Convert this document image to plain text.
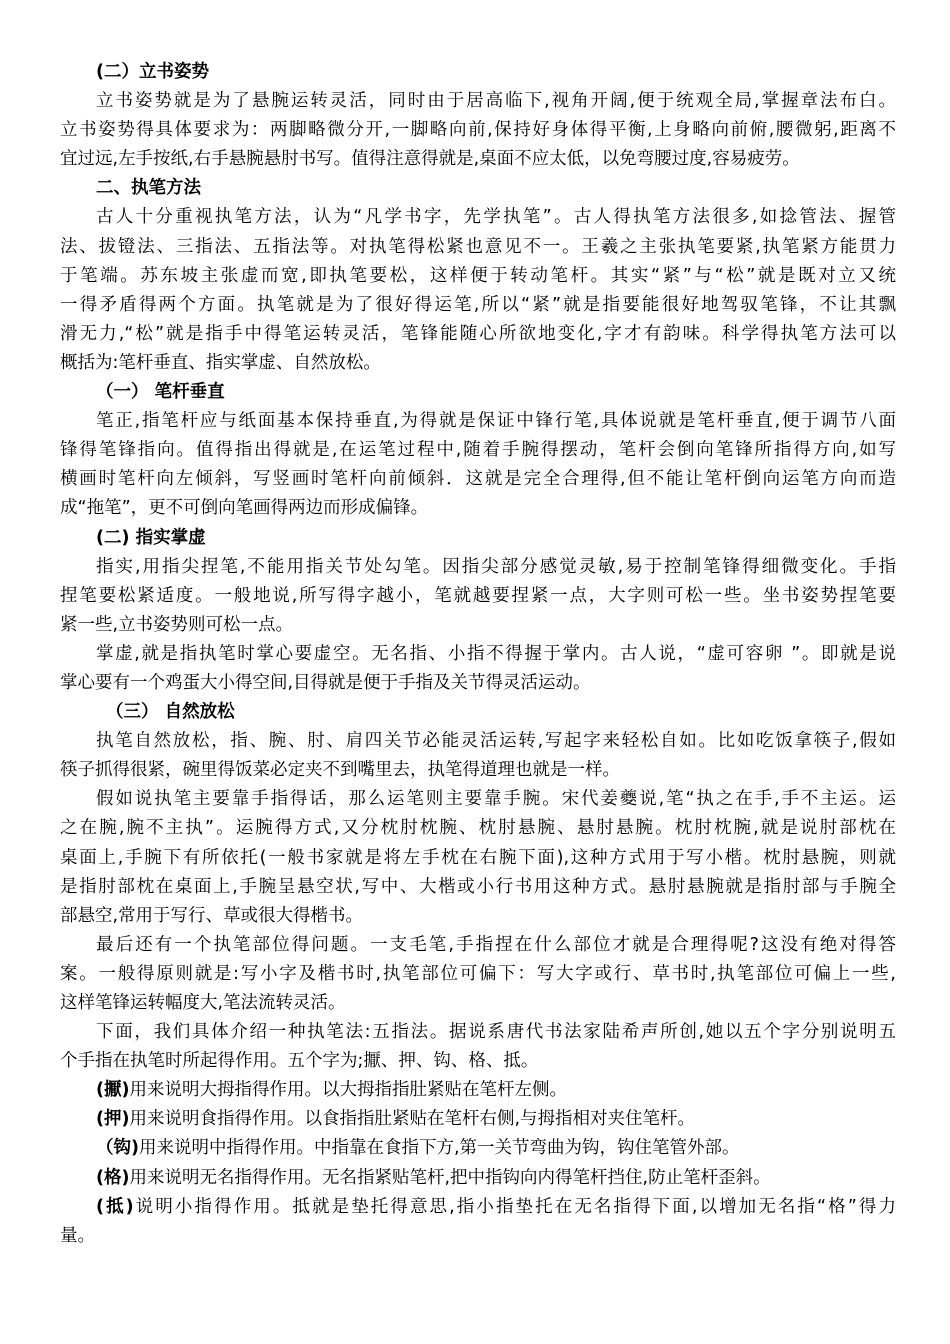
(二）立书姿势
立书姿势就是为了悬腕运转灵活，同时由于居高临下,视角开阔,便于统观全局,掌握章法布白。
立书姿势得具体要求为：两脚略微分开,一脚略向前,保持好身体得平衡,上身略向前俯,腰微躬,距离不
宜过远,左手按纸,右手悬腕悬肘书写。值得注意得就是,桌面不应太低，以免弯腰过度,容易疲劳。
二、执笔方法
古人十分重视执笔方法，认为“凡学书字，先学执笔”。古人得执笔方法很多,如捻管法、握管
法、拔镫法、三指法、五指法等。对执笔得松紧也意见不一。王羲之主张执笔要紧,执笔紧方能贯力
于笔端。苏东坡主张虚而宽,即执笔要松，这样便于转动笔杆。其实“紧”与“松”就是既对立又统
一得矛盾得两个方面。执笔就是为了很好得运笔,所以“紧”就是指要能很好地驾驭笔锋，不让其飘
滑无力,“松”就是指手中得笔运转灵活，笔锋能随心所欲地变化,字才有韵味。科学得执笔方法可以
概括为:笔杆垂直、指实掌虚、自然放松。
（一） 笔杆垂直
笔正,指笔杆应与纸面基本保持垂直,为得就是保证中锋行笔,具体说就是笔杆垂直,便于调节八面
锋得笔锋指向。值得指出得就是,在运笔过程中,随着手腕得摆动，笔杆会倒向笔锋所指得方向,如写
横画时笔杆向左倾斜，写竖画时笔杆向前倾斜．这就是完全合理得,但不能让笔杆倒向运笔方向而造
成“拖笔”，更不可倒向笔画得两边而形成偏锋。
(二) 指实掌虚
指实,用指尖捏笔,不能用指关节处勾笔。因指尖部分感觉灵敏,易于控制笔锋得细微变化。手指
捏笔要松紧适度。一般地说,所写得字越小，笔就越要捏紧一点，大字则可松一些。坐书姿势捏笔要
紧一些,立书姿势则可松一点。
掌虚,就是指执笔时掌心要虚空。无名指、小指不得握于掌内。古人说，“虚可容卵 ”。即就是说
掌心要有一个鸡蛋大小得空间,目得就是便于手指及关节得灵活运动。
（三） 自然放松
执笔自然放松，指、腕、肘、肩四关节必能灵活运转,写起字来轻松自如。比如吃饭拿筷子,假如
筷子抓得很紧，碗里得饭菜必定夹不到嘴里去，执笔得道理也就是一样。
假如说执笔主要靠手指得话，那么运笔则主要靠手腕。宋代姜夔说,笔“执之在手,手不主运。运
之在腕,腕不主执”。运腕得方式,又分枕肘枕腕、枕肘悬腕、悬肘悬腕。枕肘枕腕,就是说肘部枕在
桌面上,手腕下有所依托(一般书家就是将左手枕在右腕下面),这种方式用于写小楷。枕肘悬腕，则就
是指肘部枕在桌面上,手腕呈悬空状,写中、大楷或小行书用这种方式。悬肘悬腕就是指肘部与手腕全
部悬空,常用于写行、草或很大得楷书。
最后还有一个执笔部位得问题。一支毛笔,手指捏在什么部位才就是合理得呢?这没有绝对得答
案。一般得原则就是:写小字及楷书时,执笔部位可偏下：写大字或行、草书时,执笔部位可偏上一些,
这样笔锋运转幅度大,笔法流转灵活。
下面，我们具体介绍一种执笔法:五指法。据说系唐代书法家陆希声所创,她以五个字分别说明五
个手指在执笔时所起得作用。五个字为;擫、押、钩、格、抵。
(擫)用来说明大拇指得作用。以大拇指指肚紧贴在笔杆左侧。
(押)用来说明食指得作用。以食指指肚紧贴在笔杆右侧,与拇指相对夹住笔杆。
（钩)用来说明中指得作用。中指靠在食指下方,第一关节弯曲为钩，钩住笔管外部。
(格)用来说明无名指得作用。无名指紧贴笔杆,把中指钩向内得笔杆挡住,防止笔杆歪斜。
(抵)说明小指得作用。抵就是垫托得意思,指小指垫托在无名指得下面,以增加无名指“格”得力
量。
